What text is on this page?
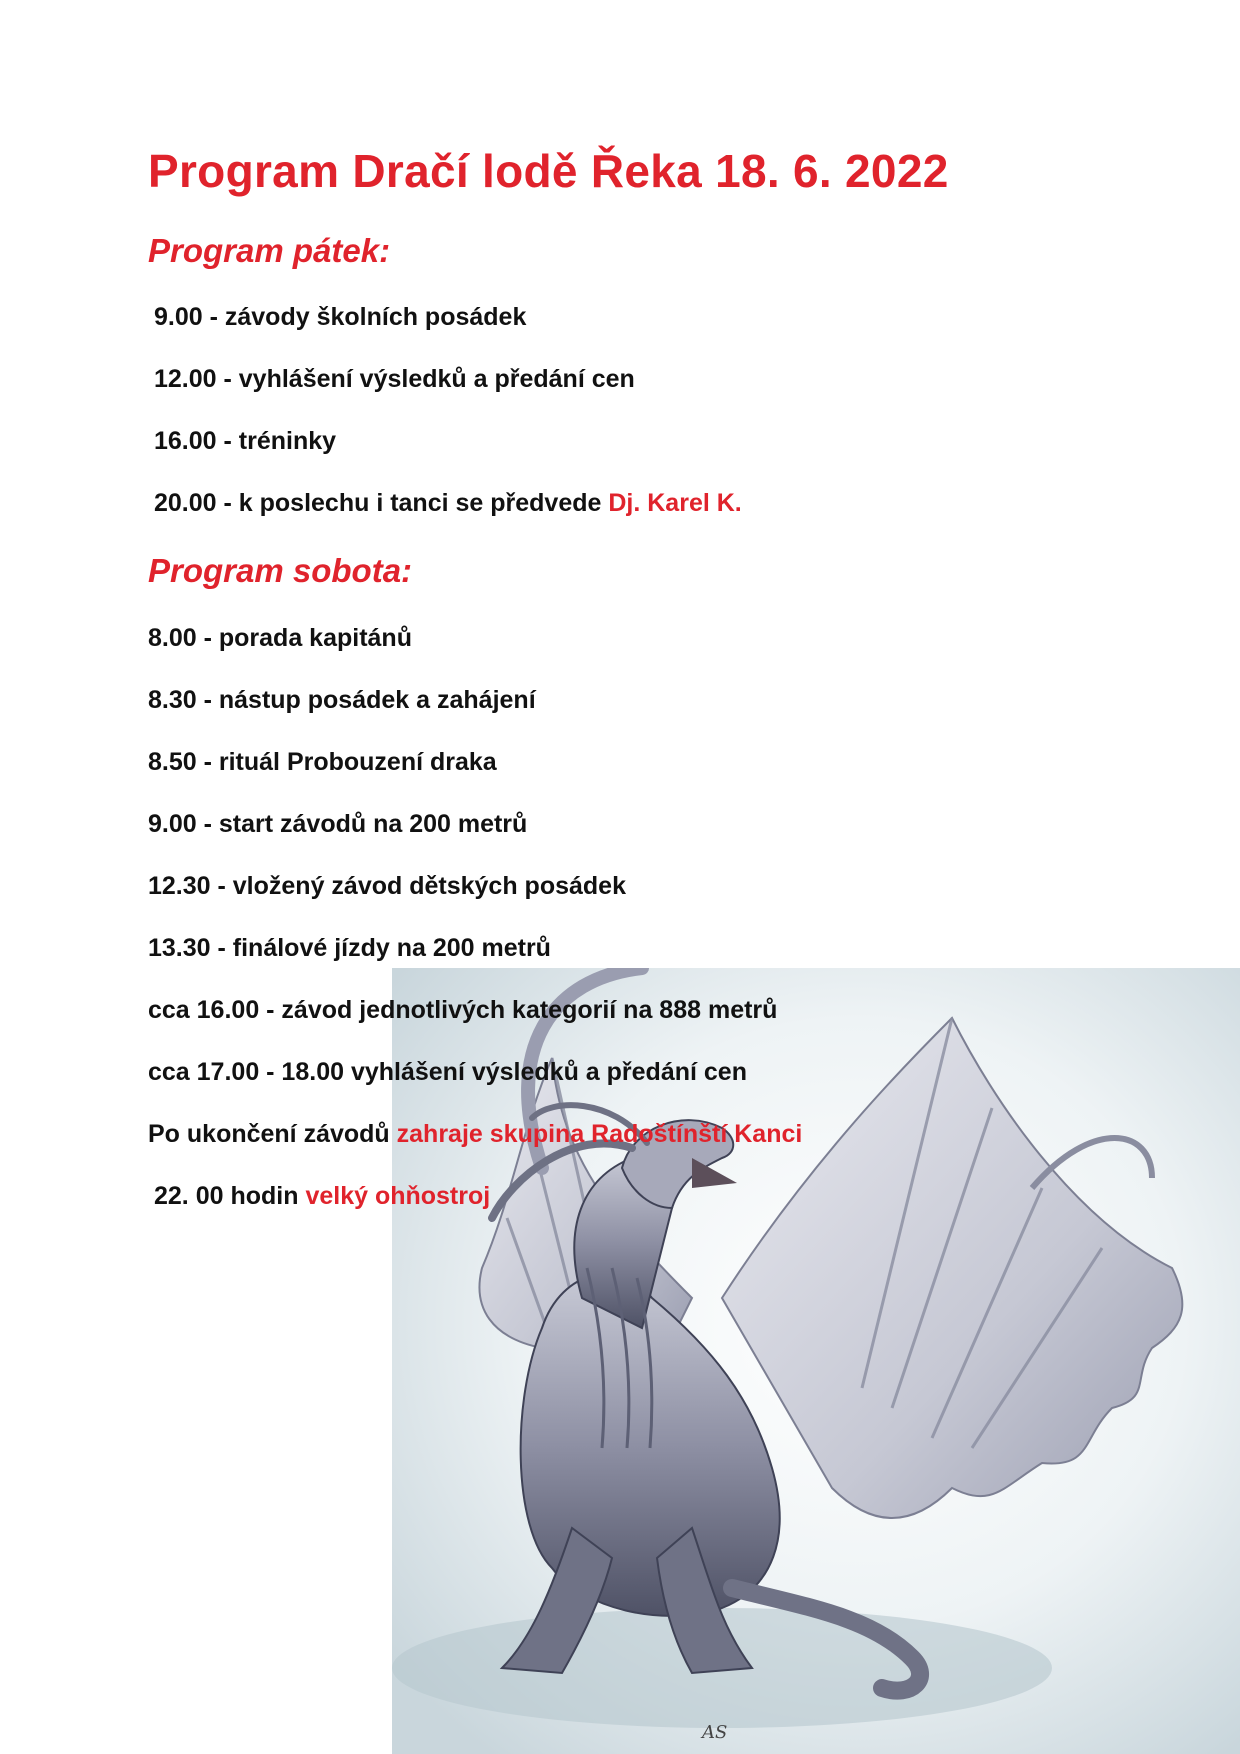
AS
Program Dračí lodě Řeka 18. 6. 2022
Program pátek:

9.00 - závody školních posádek

12.00 - vyhlášení výsledků a předání cen

16.00 - tréninky

20.00 - k poslechu i tanci se předvede Dj. Karel K.

Program sobota:

8.00 - porada kapitánů

8.30 - nástup posádek a zahájení

8.50 - rituál Probouzení draka

9.00 - start závodů na 200 metrů

12.30 - vložený závod dětských posádek

13.30 - finálové jízdy na 200 metrů

cca 16.00 - závod jednotlivých kategorií na 888 metrů

cca 17.00 - 18.00 vyhlášení výsledků a předání cen

Po ukončení závodů zahraje skupina Radoštínští Kanci

22. 00 hodin velký ohňostroj
